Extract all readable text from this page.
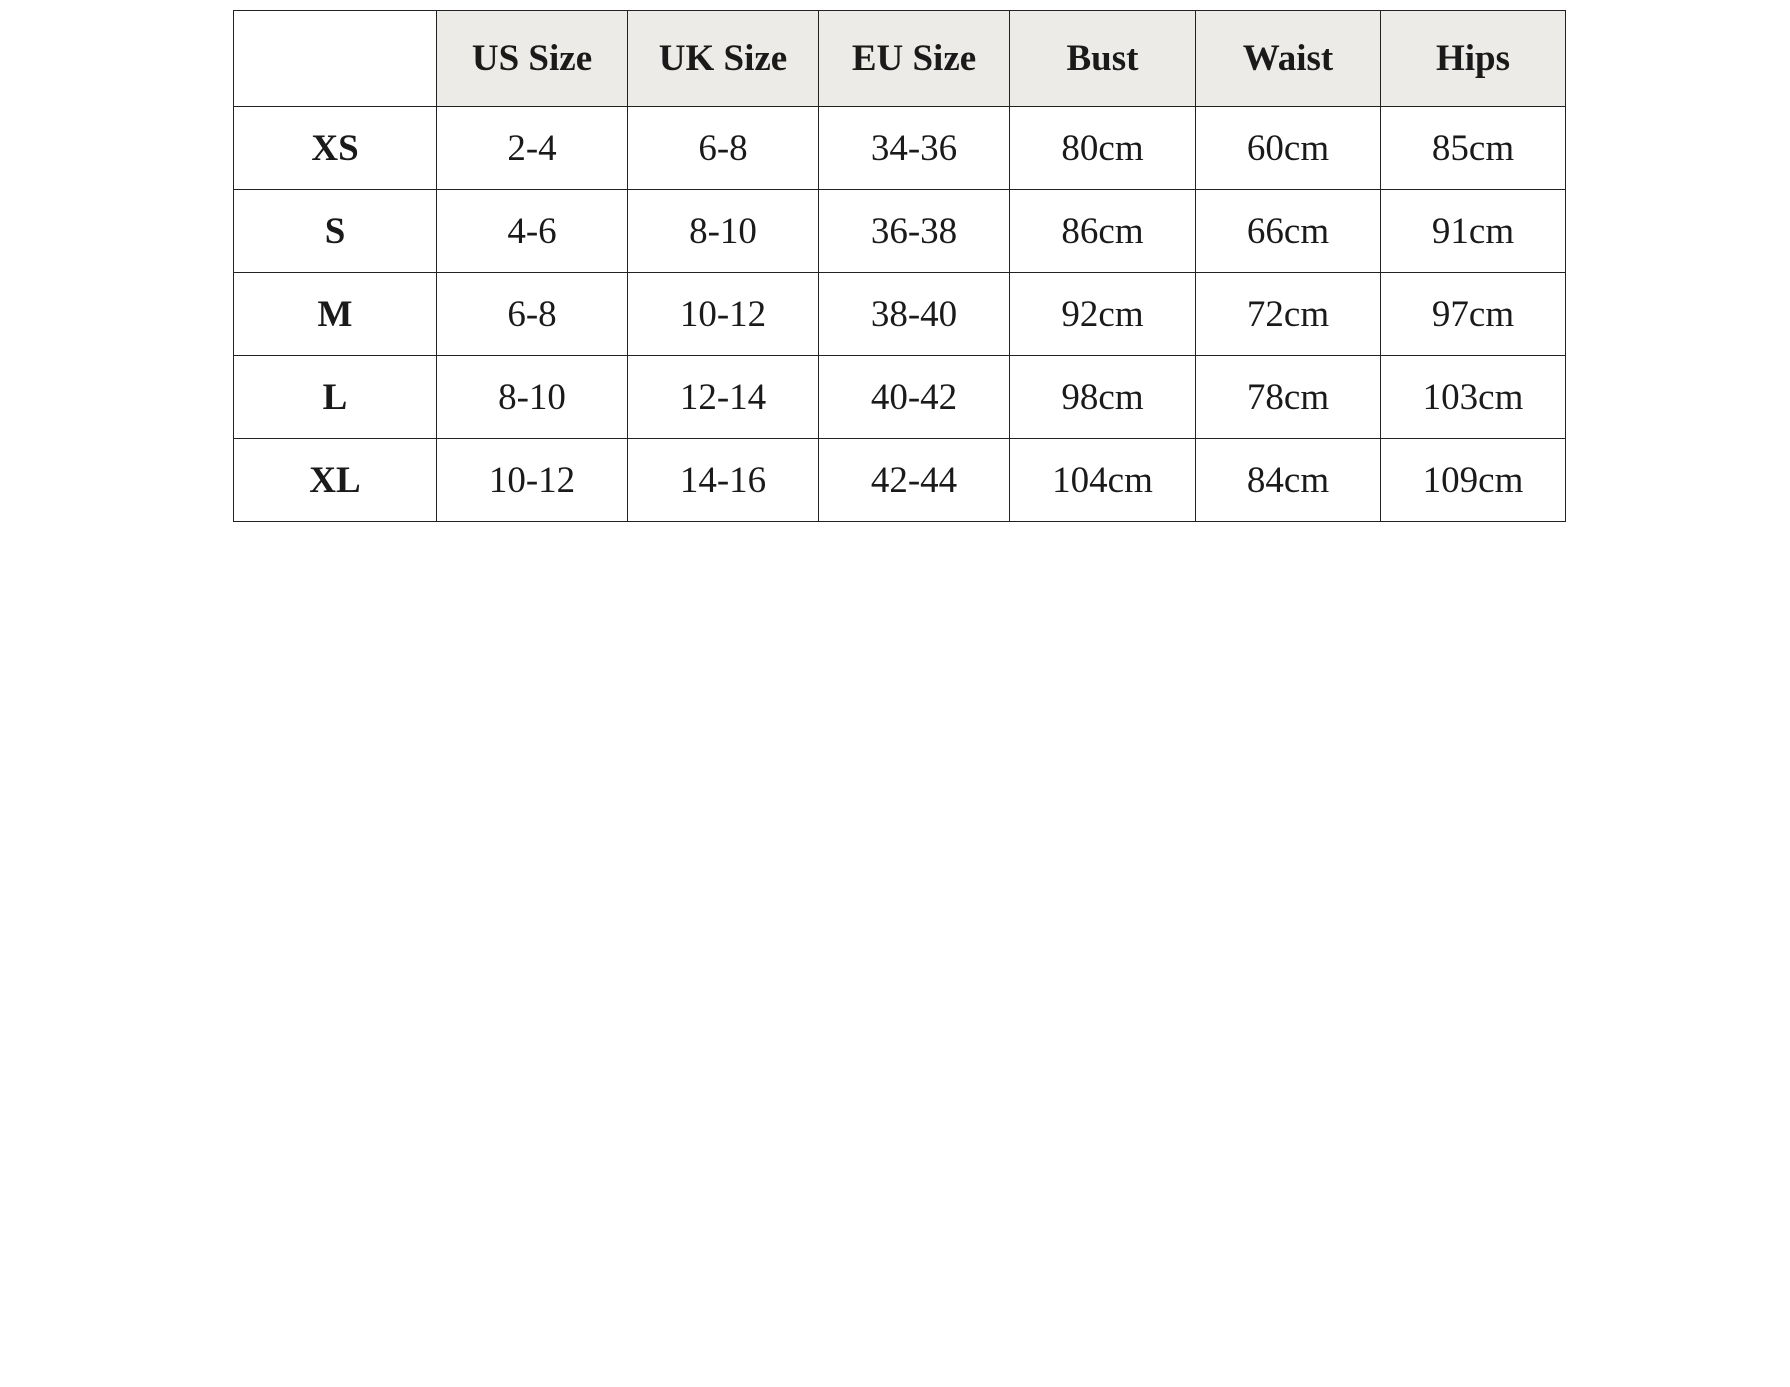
	US Size	UK Size	EU Size	Bust	Waist	Hips
XS	2-4	6-8	34-36	80cm	60cm	85cm
S	4-6	8-10	36-38	86cm	66cm	91cm
M	6-8	10-12	38-40	92cm	72cm	97cm
L	8-10	12-14	40-42	98cm	78cm	103cm
XL	10-12	14-16	42-44	104cm	84cm	109cm
